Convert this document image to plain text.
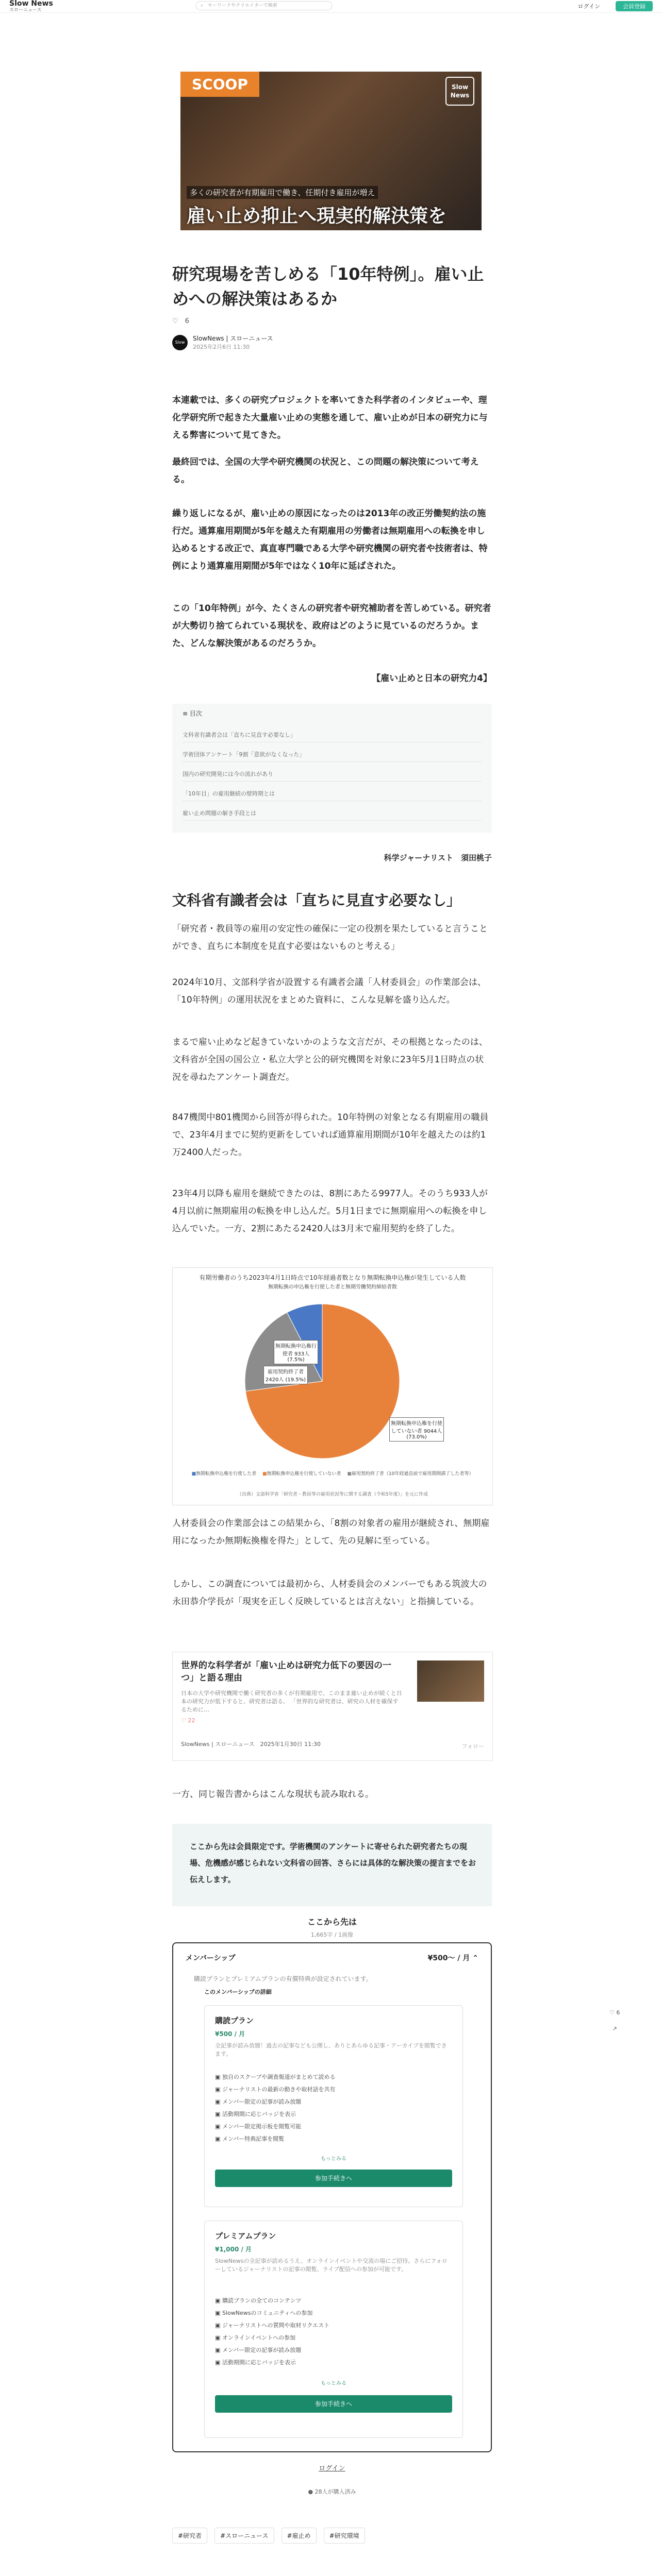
Slow News
スローニュース
⌕ キーワードやクリエイターで検索	ログイン	会員登録
SCOOP	Slow News
多くの研究者が有期雇用で働き、任期付き雇用が増え
雇い止め抑止へ現実的解決策を
研究現場を苦しめる「10年特例」。雇い止めへの解決策はあるか
♡　 6
Slow News
SlowNews | スローニュース
2025年2月6日 11:30

本連載では、多くの研究プロジェクトを率いてきた科学者のインタビューや、理化学研究所で起きた大量雇い止めの実態を通して、雇い止めが日本の研究力に与える弊害について見てきた。

最終回では、全国の大学や研究機関の状況と、この問題の解決策について考える。

繰り返しになるが、雇い止めの原因になったのは2013年の改正労働契約法の施行だ。通算雇用期間が5年を越えた有期雇用の労働者は無期雇用への転換を申し込めるとする改正で、真直専門職である大学や研究機関の研究者や技術者は、特例により通算雇用期間が5年ではなく10年に延ばされた。

この「10年特例」が今、たくさんの研究者や研究補助者を苦しめている。研究者が大勢切り捨てられている現状を、政府はどのように見ているのだろうか。また、どんな解決策があるのだろうか。

【雇い止めと日本の研究力4】

≡ 目次
文科省有識者会は「直ちに見直す必要なし」
学術団体アンケート「9割「意欲がなくなった」
国内の研究開発には今の流れがあり
「10年目」の雇用継続の壁時期とは
雇い止め問題の解き手段とは
科学ジャーナリスト　須田桃子
文科省有識者会は「直ちに見直す必要なし」

「研究者・教員等の雇用の安定性の確保に一定の役割を果たしていると言うことができ、直ちに本制度を見直す必要はないものと考える」

2024年10月、文部科学省が設置する有識者会議「人材委員会」の作業部会は、「10年特例」の運用状況をまとめた資料に、こんな見解を盛り込んだ。

まるで雇い止めなど起きていないかのような文言だが、その根拠となったのは、文科省が全国の国公立・私立大学と公的研究機関を対象に23年5月1日時点の状況を尋ねたアンケート調査だ。

847機関中801機関から回答が得られた。10年特例の対象となる有期雇用の職員で、23年4月までに契約更新をしていれば通算雇用期間が10年を越えたのは約1万2400人だった。

23年4月以降も雇用を継続できたのは、8割にあたる9977人。そのうち933人が4月以前に無期雇用の転換を申し込んだ。5月1日までに無期雇用への転換を申し込んでいた。一方、2割にあたる2420人は3月末で雇用契約を終了した。

有期労働者のうち2023年4月1日時点で10年経過者数となり無期転換申込権が発生している人数
無期転換の申込権を行使した者と無期労働契約締結者数
無期転換申込権行使者 933人 (7.5%)
雇用契約終了者 2420人 (19.5%)
無期転換申込権を行使していない者 9044人 (73.0%)
■無期転換申込権を行使した者　 ■無期転換申込権を行使していない者　 ■雇用契約終了者（10年経過直前で雇用期間満了した者等）
（出典）文部科学省「研究者・教員等の雇用状況等に関する調査（令和5年度）」を元に作成

人材委員会の作業部会はこの結果から、「8割の対象者の雇用が継続され、無期雇用になったか無期転換権を得た」として、先の見解に至っている。

しかし、この調査については最初から、人材委員会のメンバーでもある筑波大の永田恭介学長が「現実を正しく反映しているとは言えない」と指摘している。

世界的な科学者が「雇い止めは研究力低下の要因の一つ」と語る理由
日本の大学や研究機関で働く研究者の多くが有期雇用で、このまま雇い止めが続くと日本の研究力が低下すると、研究者は語る。 「世界的な研究者は、研究の人材を確保するために…
♡ 22
SlowNews | スローニュース　 2025年1月30日 11:30	フォロー

一方、同じ報告書からはこんな現状も読み取れる。

ここから先は会員限定です。学術機関のアンケートに寄せられた研究者たちの現場、危機感が感じられない文科省の回答、さらには具体的な解決策の提言までをお伝えします。

ここから先は
1,665字 / 1画像
メンバーシップ	¥500〜 / 月 ⌃
購読プランとプレミアムプランの有償特典が設定されています。
このメンバーシップの詳細
購読プラン
¥500 / 月
全記事が読み放題！過去の記事なども公開し、ありとあらゆる記事・アーカイブを閲覧できます。
▣ 独自のスクープや調査報道がまとめて読める
▣ ジャーナリストの最新の動きや取材話を共有
▣ メンバー限定の記事が読み放題
▣ 活動期間に応じバッジを表示
▣ メンバー限定掲示板を閲覧可能
▣ メンバー特典記事を閲覧
もっとみる
参加手続きへ
プレミアムプラン
¥1,000 / 月
SlowNewsの全記事が読めるうえ、オンラインイベントや交流の場にご招待。さらにフォローしているジャーナリストの記事の閲覧、ライブ配信への参加が可能です。
▣ 購読プランの全てのコンテンツ
▣ SlowNewsのコミュニティへの参加
▣ ジャーナリストへの質問や取材リクエスト
▣ オンラインイベントへの参加
▣ メンバー限定の記事が読み放題
▣ 活動期間に応じバッジを表示
もっとみる
参加手続きへ
ログイン
● 28人が購入済み
#研究者	#スローニュース	#雇止め	#研究環境
♡ 6
↗
